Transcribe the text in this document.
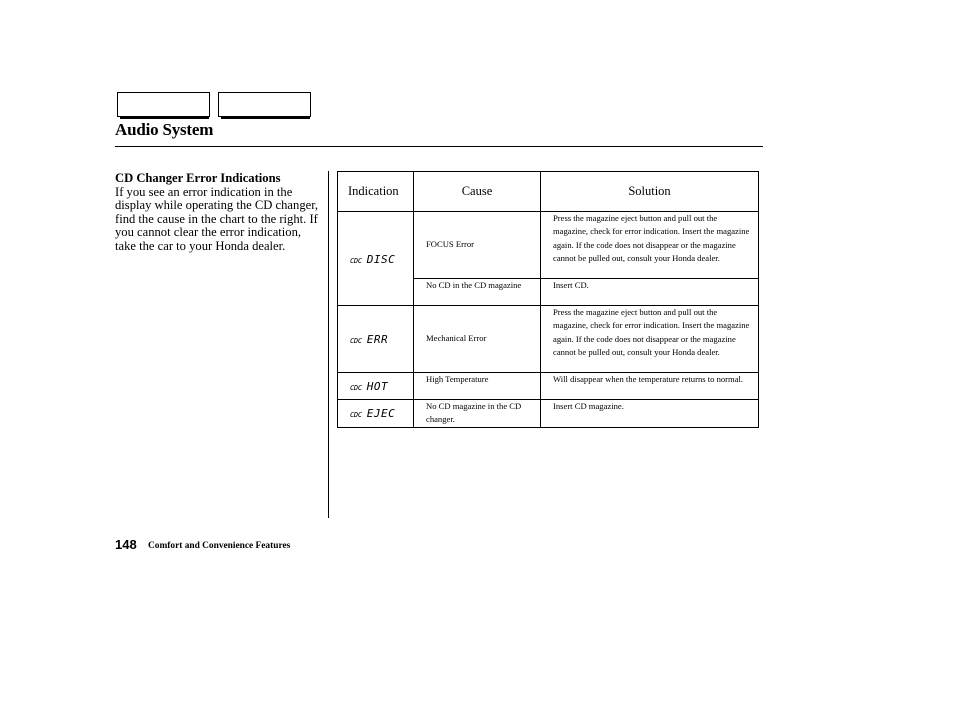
Audio System
CD Changer Error Indications
If you see an error indication in the display while operating the CD changer, find the cause in the chart to the right. If you cannot clear the error indication, take the car to your Honda dealer.
Indication	Cause	Solution

CDC DISC	FOCUS Error	Press the magazine eject button and pull out the magazine, check for error indication. Insert the magazine again. If the code does not disappear or the magazine cannot be pulled out, consult your Honda dealer.
	No CD in the CD magazine	Insert CD.

CDC ERR	Mechanical Error	Press the magazine eject button and pull out the magazine, check for error indication. Insert the magazine again. If the code does not disappear or the magazine cannot be pulled out, consult your Honda dealer.

CDC HOT	High Temperature	Will disappear when the temperature returns to normal.

CDC EJEC	No CD magazine in the CD changer.	Insert CD magazine.
148 Comfort and Convenience Features
